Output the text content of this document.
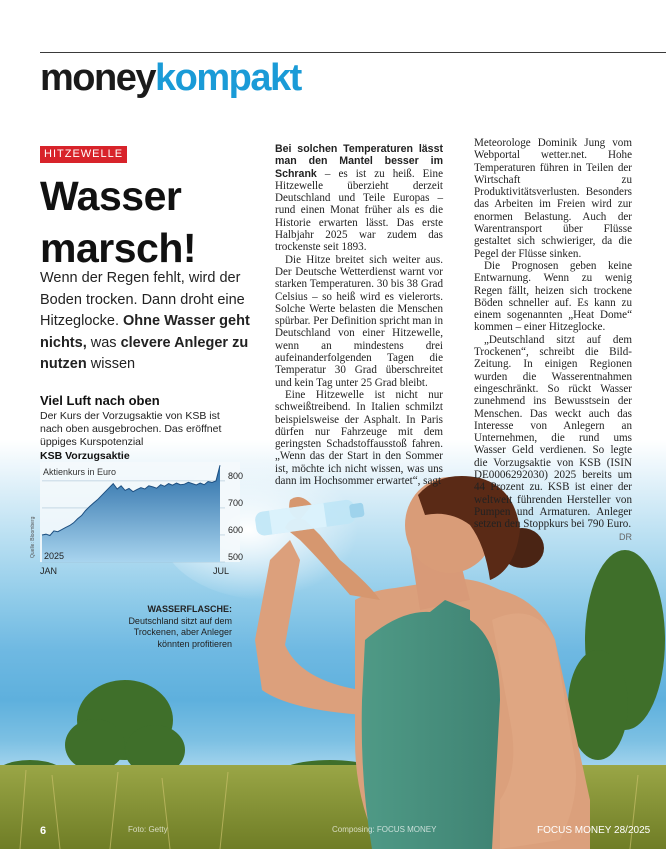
moneykompakt
HITZEWELLE
Wasser
marsch!
Wenn der Regen fehlt, wird der Boden trocken. Dann droht eine Hitzeglocke. Ohne Wasser geht nichts, was clevere Anleger zu nutzen wissen
Viel Luft nach oben
Der Kurs der Vorzugsaktie von KSB ist nach oben ausgebrochen. Das eröffnet üppiges Kurspotenzial
KSB Vorzugsaktie
500
600
700
800
Aktienkurs in Euro
2025
JAN	JUL
Quelle: Bloomberg

Bei solchen Temperaturen lässt man den Mantel besser im Schrank – es ist zu heiß. Eine Hitzewelle überzieht derzeit Deutschland und Teile Europas – rund einen Monat früher als es die Historie erwarten lässt. Das erste Halbjahr 2025 war zudem das trockenste seit 1893.

Die Hitze breitet sich weiter aus. Der Deutsche Wetterdienst warnt vor starken Temperaturen. 30 bis 38 Grad Celsius – so heiß wird es vielerorts. Solche Werte belasten die Menschen spürbar. Per Definition spricht man in Deutschland von einer Hitzewelle, wenn an mindestens drei aufeinanderfolgenden Tagen die Temperatur 30 Grad überschreitet und kein Tag unter 25 Grad bleibt.

Eine Hitzewelle ist nicht nur schweißtreibend. In Italien schmilzt beispielsweise der Asphalt. In Paris dürfen nur Fahrzeuge mit dem geringsten Schadstoffausstoß fahren. „Wenn das der Start in den Sommer ist, möchte ich nicht wissen, was uns dann im Hochsommer erwartet“, sagt

Meteorologe Dominik Jung vom Webportal wetter.net. Hohe Temperaturen führen in Teilen der Wirtschaft zu Produktivitätsverlusten. Besonders das Arbeiten im Freien wird zur enormen Belastung. Auch der Warentransport über Flüsse gestaltet sich schwieriger, da die Pegel der Flüsse sinken.

Die Prognosen geben keine Entwarnung. Wenn zu wenig Regen fällt, heizen sich trockene Böden schneller auf. Es kann zu einem sogenannten „Heat Dome“ kommen – einer Hitzeglocke.

„Deutschland sitzt auf dem Trockenen“, schreibt die Bild-Zeitung. In einigen Regionen wurden die Wasserentnahmen eingeschränkt. So rückt Wasser zunehmend ins Bewusstsein der Menschen. Das weckt auch das Interesse von Anlegern an Unternehmen, die rund ums Wasser Geld verdienen. So legte die Vorzugsaktie von KSB (ISIN DE0006292030) 2025 bereits um 44 Prozent zu. KSB ist einer der weltweit führenden Hersteller von Pumpen und Armaturen. Anleger setzen den Stoppkurs bei 790 Euro.
DR

WASSERFLASCHE:
Deutschland sitzt auf dem Trockenen, aber Anleger könnten profitieren
6	Foto: Getty	Composing: FOCUS MONEY	FOCUS MONEY 28/2025
